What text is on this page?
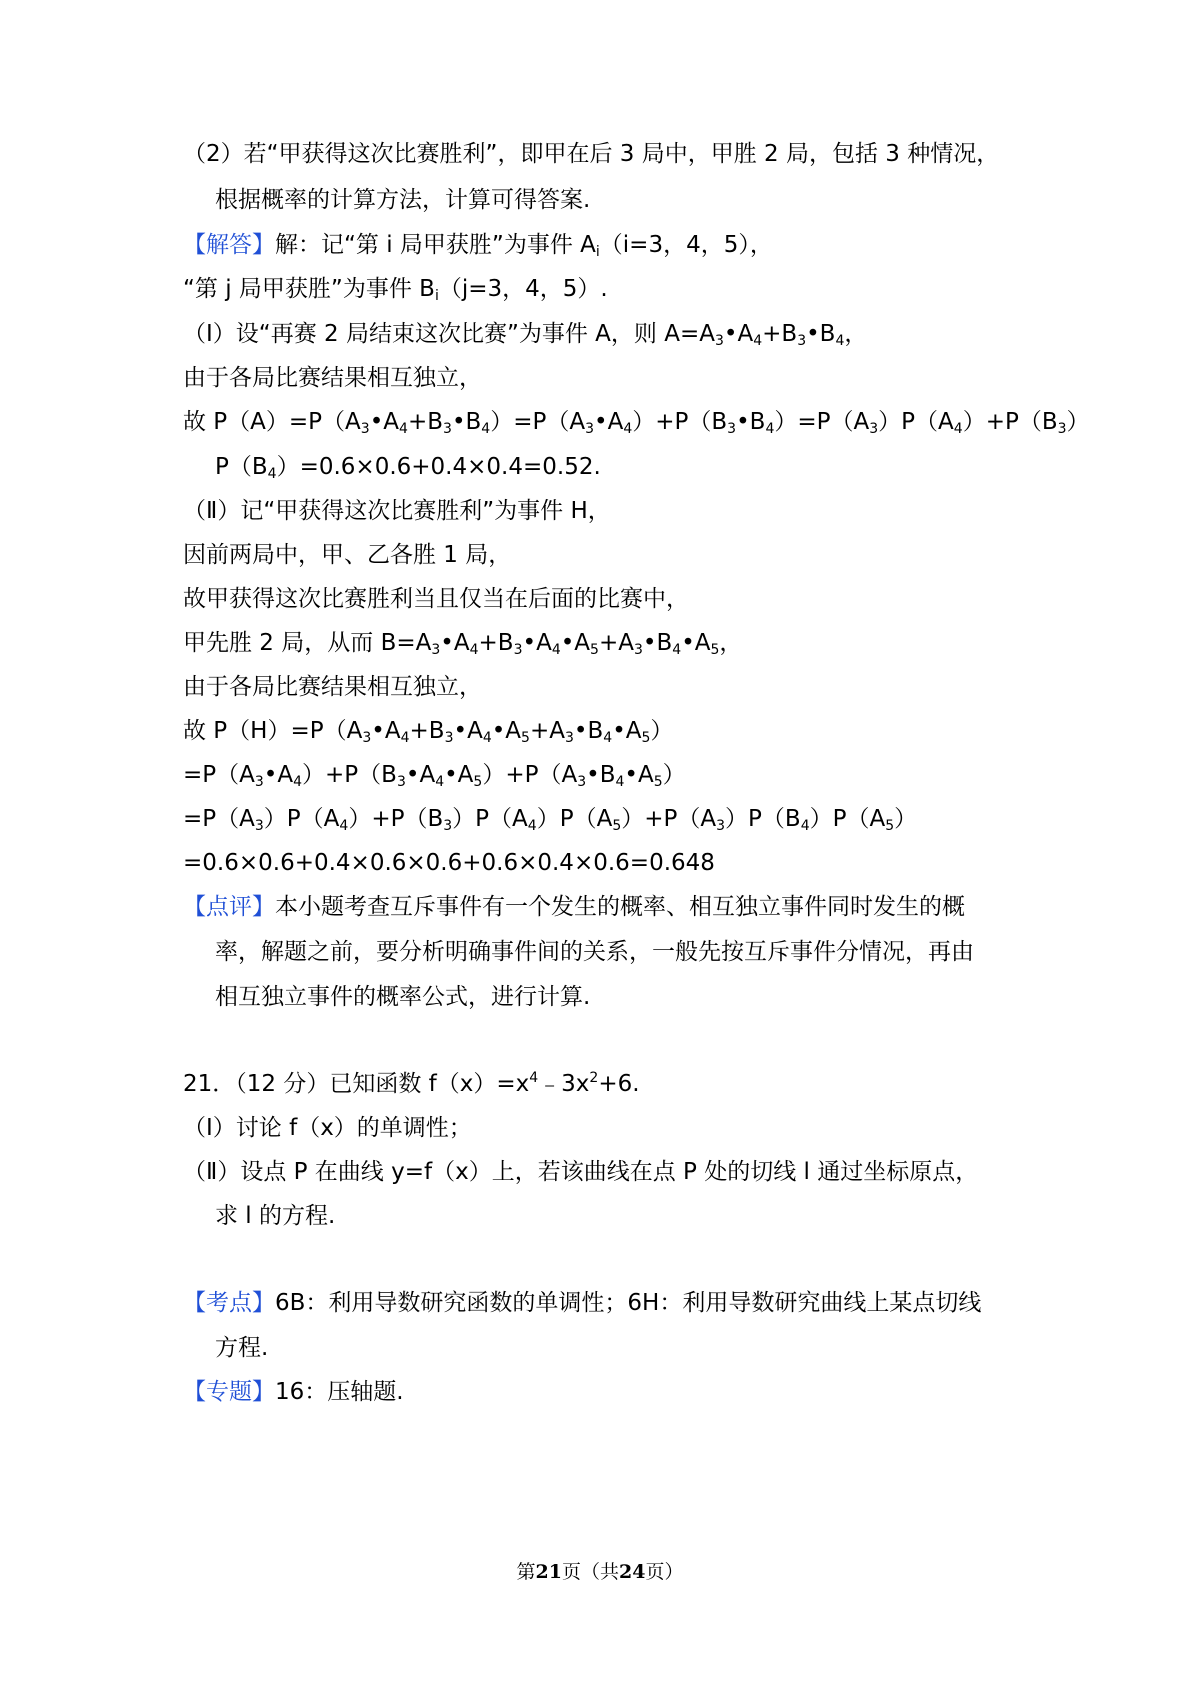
（2）若“甲获得这次比赛胜利”，即甲在后 3 局中，甲胜 2 局，包括 3 种情况，
根据概率的计算方法，计算可得答案.
【解答】解：记“第 i 局甲获胜”为事件 $A_i(i=3$，4，5），
“第 j 局甲获胜”为事件 $B_i(j=3$，4，5）.
（Ⅰ）设“再赛 2 局结束这次比赛”为事件 A，则 $A=A_3•A_4+B_3•B_4$，
由于各局比赛结果相互独立，
故 $P(A)=P(A_3•A_4+B_3•B_4)=P(A_3•A_4)+P(B_3•B_4)=P(A_3)P(A_4)+P(B_3)$
$P(B_4)=0.6\times 0.6+0.4\times 0.4=0.52$.
（Ⅱ）记“甲获得这次比赛胜利”为事件 H，
因前两局中，甲、乙各胜 1 局，
故甲获得这次比赛胜利当且仅当在后面的比赛中，
甲先胜 2 局，从而 $B=A_3•A_4+B_3•A_4•A_5+A_3•B_4•A_5$，
由于各局比赛结果相互独立，
故 $P(H)=P(A_3•A_4+B_3•A_4•A_5+A_3•B_4•A_5)$
$=P(A_3•A_4)+P(B_3•A_4•A_5)+P(A_3•B_4•A_5)$
$=P(A_3)P(A_4)+P(B_3)P(A_4)P(A_5)+P(A_3)P(B_4)P(A_5)$
=0.6×0.6+0.4×0.6×0.6+0.6×0.4×0.6=0.648
【点评】本小题考查互斥事件有一个发生的概率、相互独立事件同时发生的概
率，解题之前，要分析明确事件间的关系，一般先按互斥事件分情况，再由
相互独立事件的概率公式，进行计算.
21．（12 分）已知函数 $f(x)=x^4﹣3x^2+6$.
（Ⅰ）讨论 f（x）的单调性；
（Ⅱ）设点 P 在曲线 y=f（x）上，若该曲线在点 P 处的切线 l 通过坐标原点，
求 l 的方程.
【考点】6B：利用导数研究函数的单调性；6H：利用导数研究曲线上某点切线
方程.
【专题】16：压轴题.
第21页（共24页）
